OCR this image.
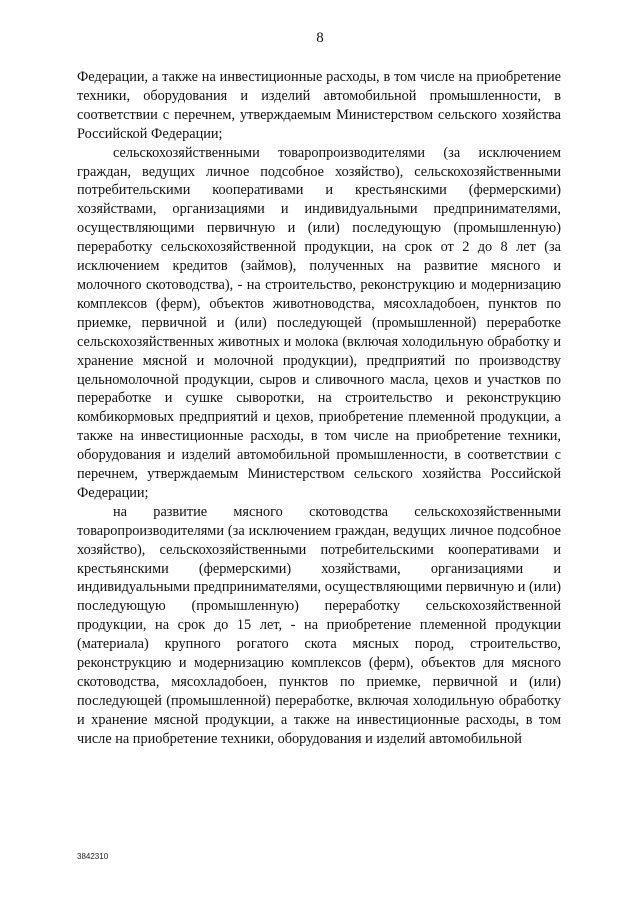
8

Федерации, а также на инвестиционные расходы, в том числе на приобретение техники, оборудования и изделий автомобильной промышленности, в соответствии с перечнем, утверждаемым Министерством сельского хозяйства Российской Федерации;

сельскохозяйственными товаропроизводителями (за исключением граждан, ведущих личное подсобное хозяйство), сельскохозяйственными потребительскими кооперативами и крестьянскими (фермерскими) хозяйствами, организациями и индивидуальными предпринимателями, осуществляющими первичную и (или) последующую (промышленную) переработку сельскохозяйственной продукции, на срок от 2 до 8 лет (за исключением кредитов (займов), полученных на развитие мясного и молочного скотоводства), - на строительство, реконструкцию и модернизацию комплексов (ферм), объектов животноводства, мясохладобоен, пунктов по приемке, первичной и (или) последующей (промышленной) переработке сельскохозяйственных животных и молока (включая холодильную обработку и хранение мясной и молочной продукции), предприятий по производству цельномолочной продукции, сыров и сливочного масла, цехов и участков по переработке и сушке сыворотки, на строительство и реконструкцию комбикормовых предприятий и цехов, приобретение племенной продукции, а также на инвестиционные расходы, в том числе на приобретение техники, оборудования и изделий автомобильной промышленности, в соответствии с перечнем, утверждаемым Министерством сельского хозяйства Российской Федерации;

на развитие мясного скотоводства сельскохозяйственными товаропроизводителями (за исключением граждан, ведущих личное подсобное хозяйство), сельскохозяйственными потребительскими кооперативами и крестьянскими (фермерскими) хозяйствами, организациями и индивидуальными предпринимателями, осуществляющими первичную и (или) последующую (промышленную) переработку сельскохозяйственной продукции, на срок до 15 лет, - на приобретение племенной продукции (материала) крупного рогатого скота мясных пород, строительство, реконструкцию и модернизацию комплексов (ферм), объектов для мясного скотоводства, мясохладобоен, пунктов по приемке, первичной и (или) последующей (промышленной) переработке, включая холодильную обработку и хранение мясной продукции, а также на инвестиционные расходы, в том числе на приобретение техники, оборудования и изделий автомобильной

3842310
